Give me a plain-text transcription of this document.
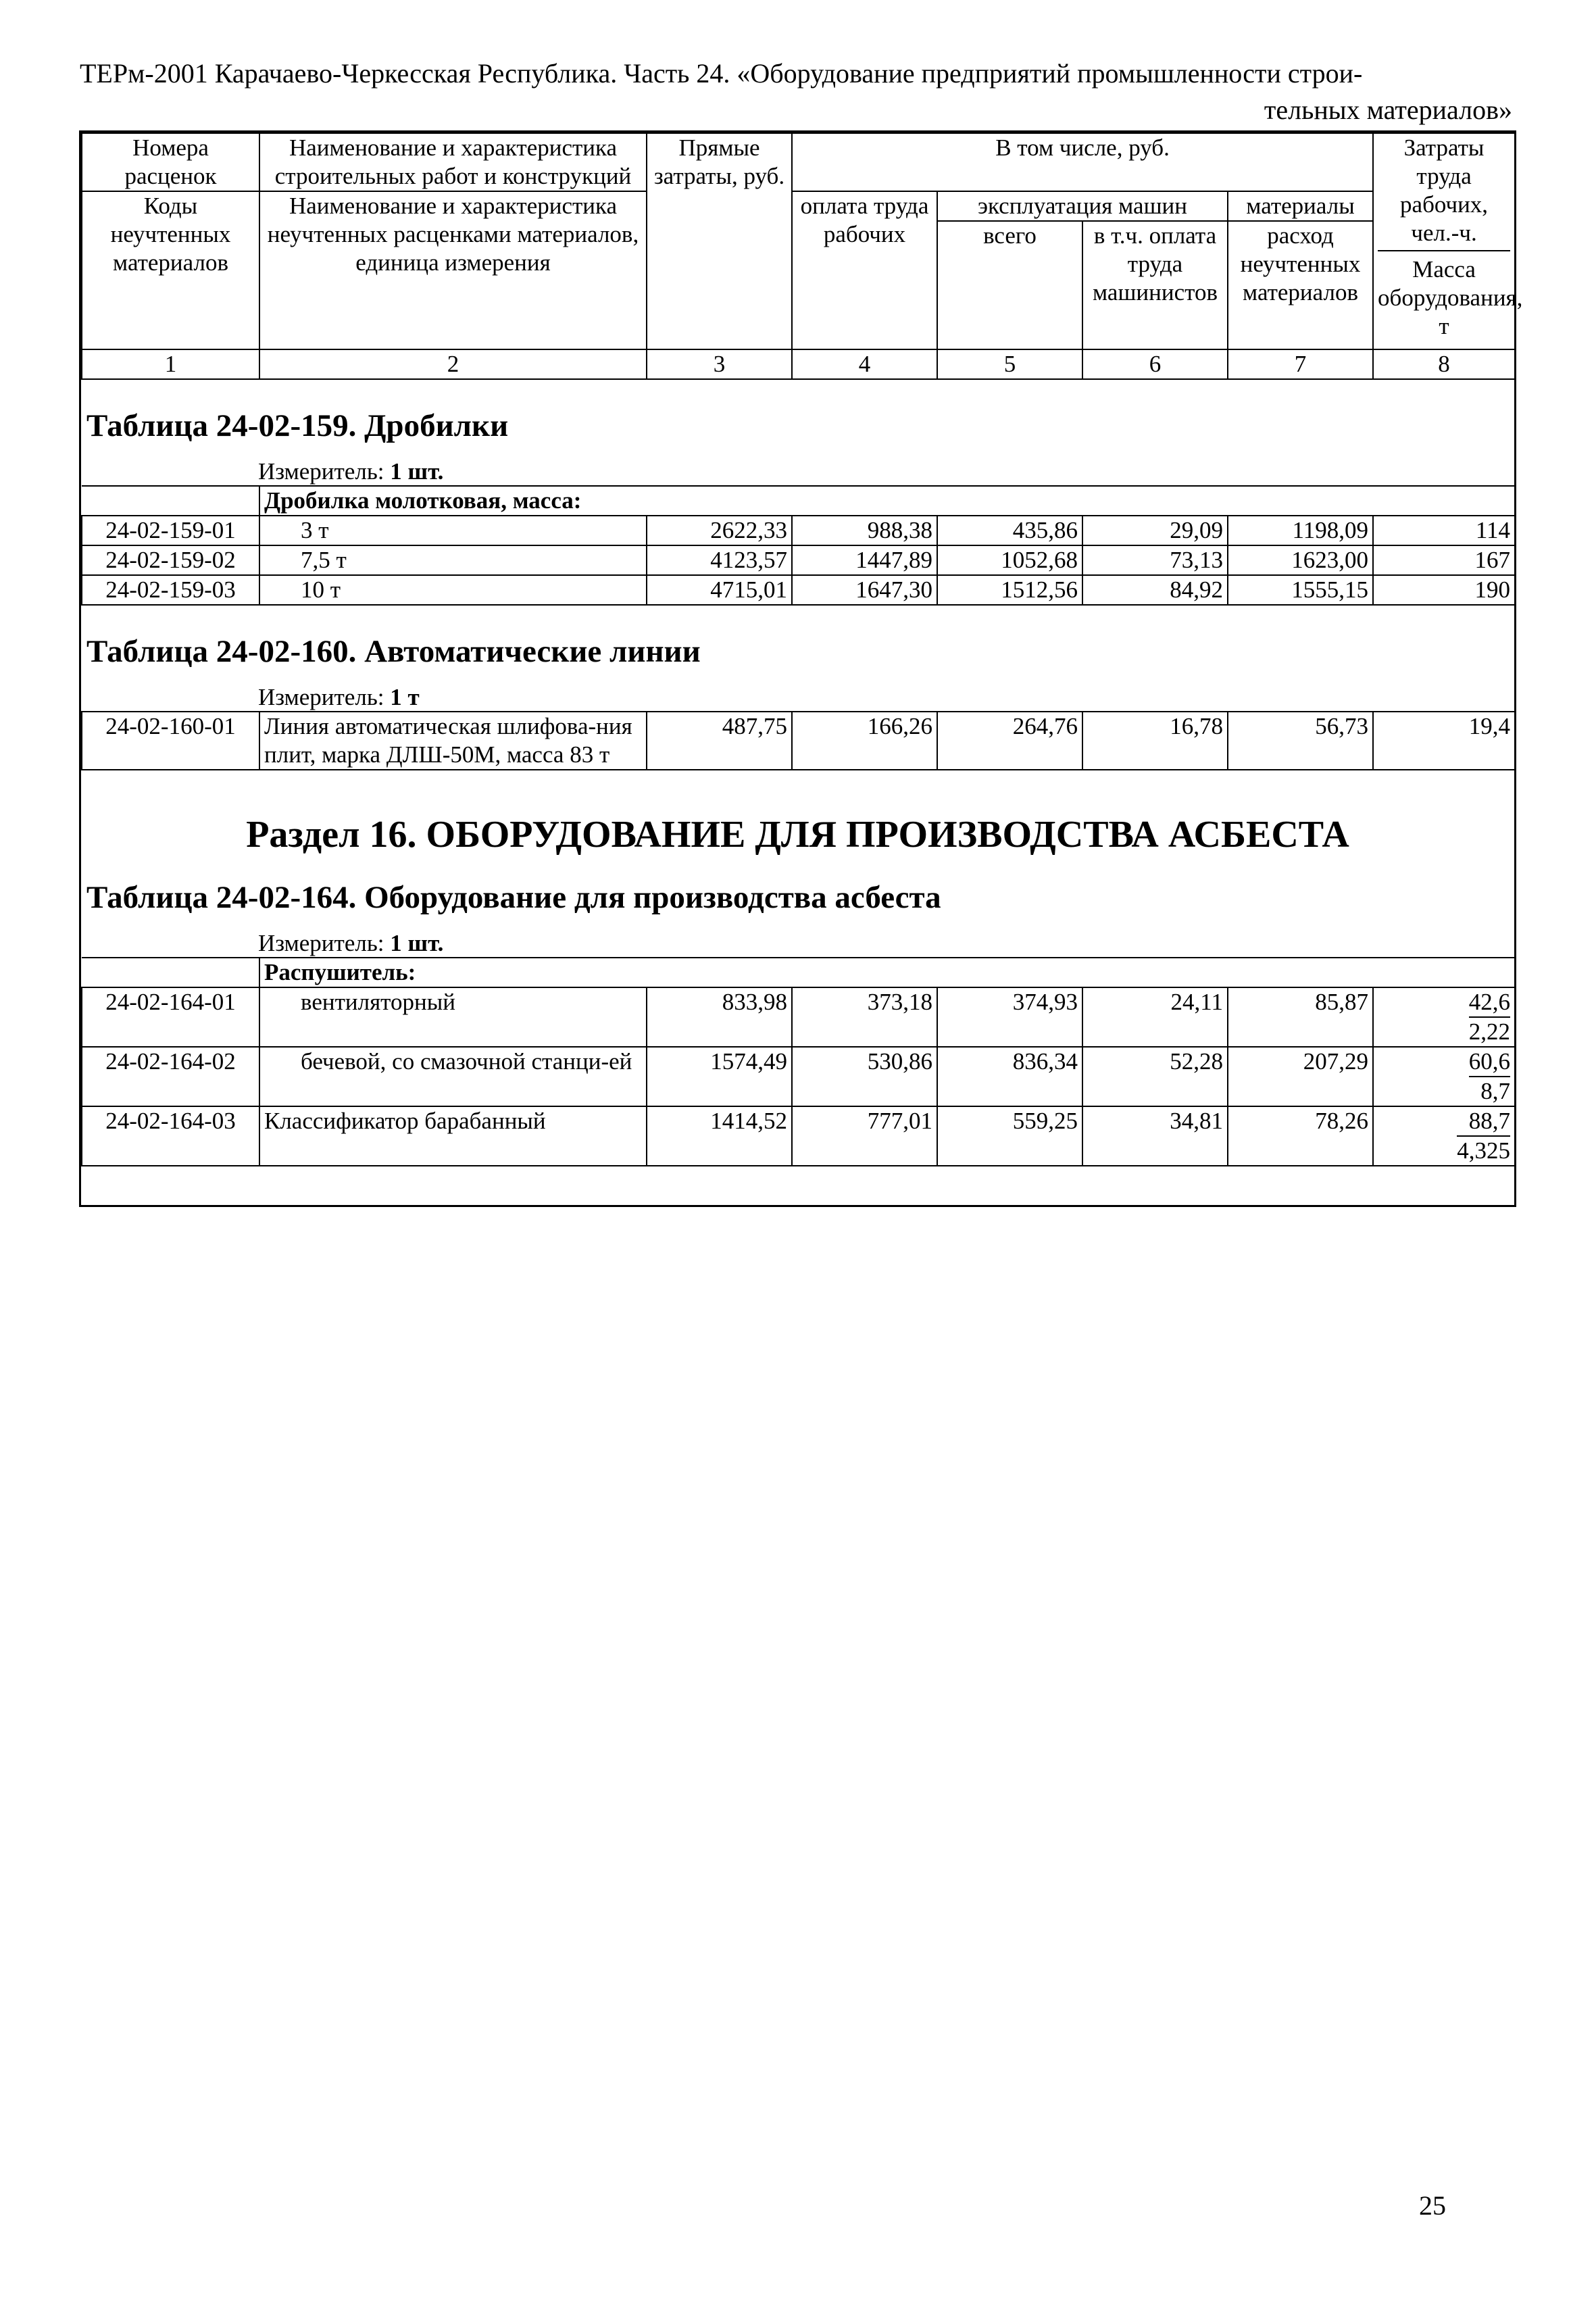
ТЕРм-2001 Карачаево-Черкесская Республика. Часть 24. «Оборудование предприятий промышленности строи-
тельных материалов»
Номера расценок	Наименование и характеристика строительных работ и конструкций	Прямые затраты, руб.	В том числе, руб.				Затраты труда рабочих, чел.-ч.
Масса оборудования, т

Коды неучтенных материалов	Наименование и характеристика неучтенных расценками материалов, единица измерения		оплата труда рабочих	эксплуатация машин		материалы	
				всего	в т.ч. оплата труда машинистов	расход неучтенных материалов	
1	2	3	4	5	6	7	8
Таблица 24-02-159. Дробилки
Измеритель: 1 шт.
	Дробилка молотковая, масса:						
24-02-159-01	3 т	2622,33	988,38	435,86	29,09	1198,09	114
24-02-159-02	7,5 т	4123,57	1447,89	1052,68	73,13	1623,00	167
24-02-159-03	10 т	4715,01	1647,30	1512,56	84,92	1555,15	190
Таблица 24-02-160. Автоматические линии
Измеритель: 1 т
24-02-160-01	Линия автоматическая шлифова-ния плит, марка ДЛШ-50М, масса 83 т	487,75	166,26	264,76	16,78	56,73	19,4
Раздел 16. ОБОРУДОВАНИЕ ДЛЯ ПРОИЗВОДСТВА АСБЕСТА
Таблица 24-02-164. Оборудование для производства асбеста
Измеритель: 1 шт.
	Распушитель:						
24-02-164-01	вентиляторный	833,98	373,18	374,93	24,11	85,87	$\frac{42,6}{2,22}$
24-02-164-02	бечевой, со смазочной станци-ей	1574,49	530,86	836,34	52,28	207,29	$\frac{60,6}{8,7}$
24-02-164-03	Классификатор барабанный	1414,52	777,01	559,25	34,81	78,26	$\frac{88,7}{4,325}$
25
